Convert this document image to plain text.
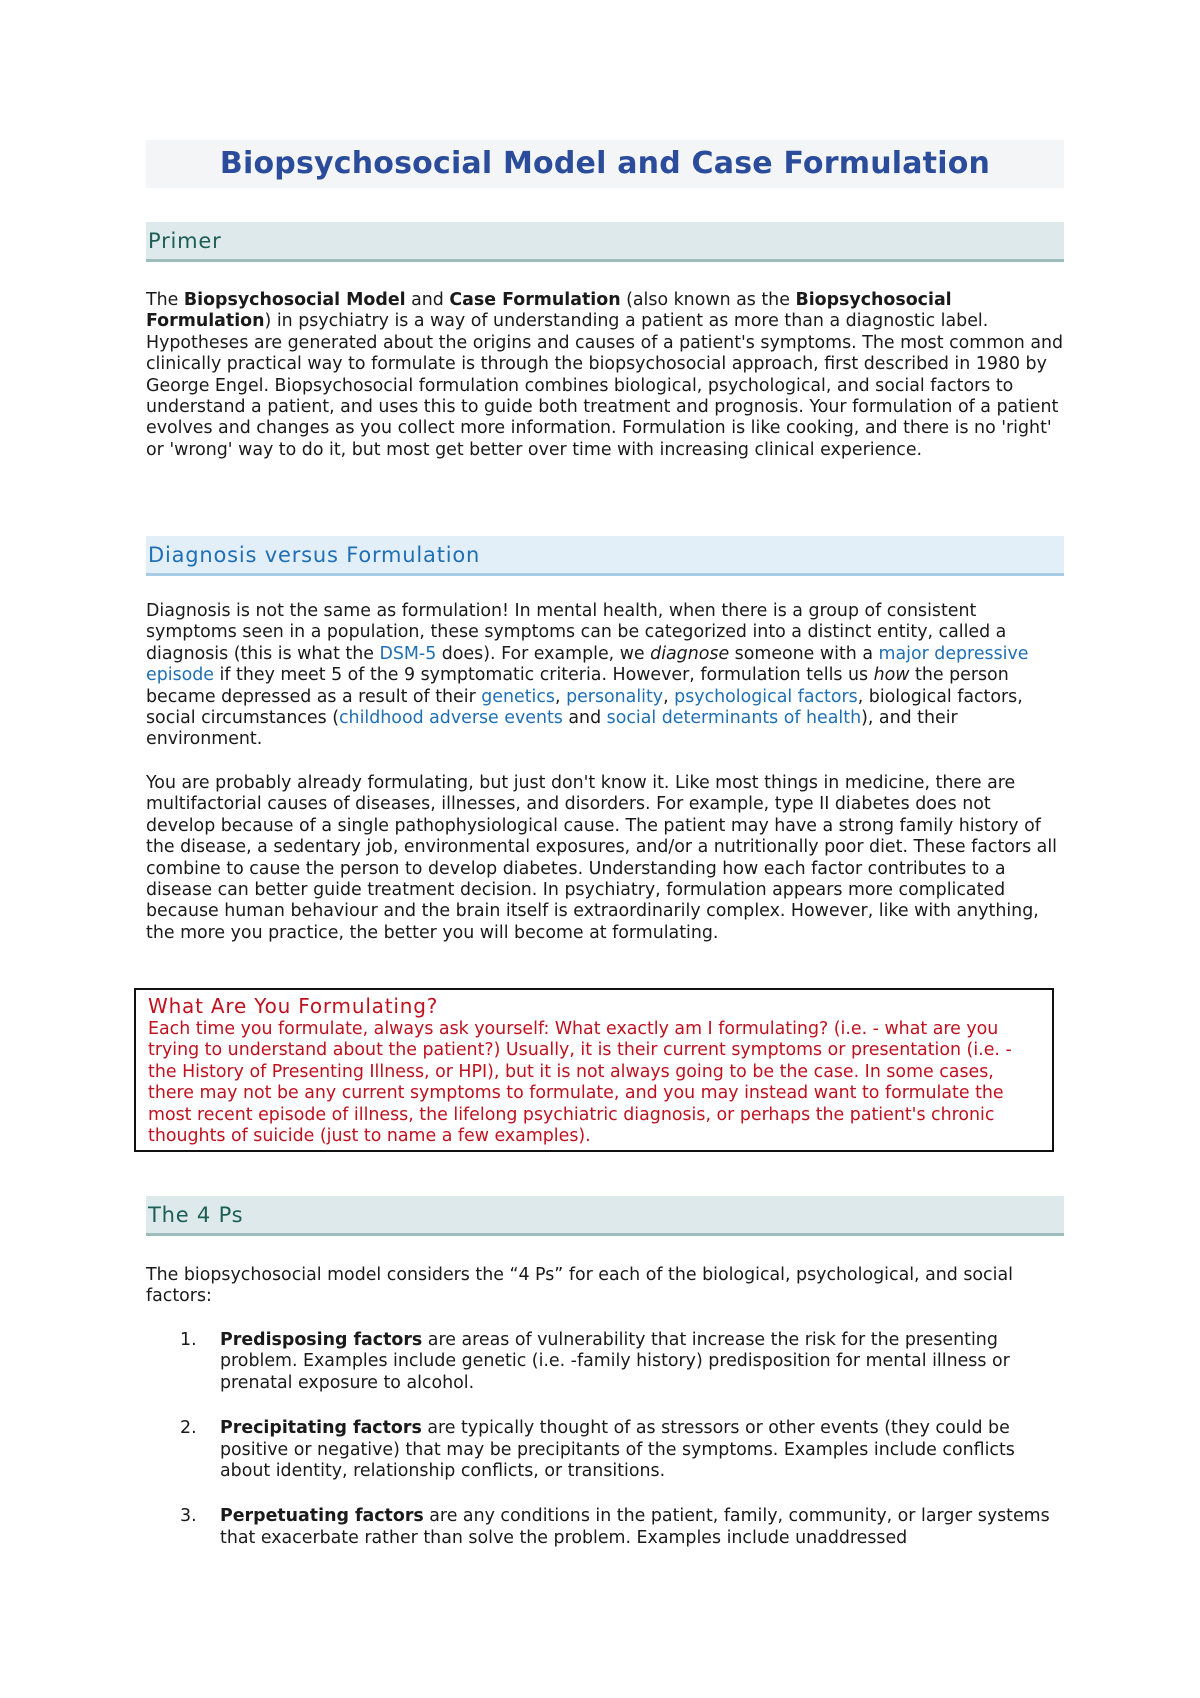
Biopsychosocial Model and Case Formulation
Primer

The Biopsychosocial Model and Case Formulation (also known as the Biopsychosocial Formulation) in psychiatry is a way of understanding a patient as more than a diagnostic label. Hypotheses are generated about the origins and causes of a patient's symptoms. The most common and clinically practical way to formulate is through the biopsychosocial approach, first described in 1980 by George Engel. Biopsychosocial formulation combines biological, psychological, and social factors to understand a patient, and uses this to guide both treatment and prognosis. Your formulation of a patient evolves and changes as you collect more information. Formulation is like cooking, and there is no 'right' or 'wrong' way to do it, but most get better over time with increasing clinical experience.

Diagnosis versus Formulation

Diagnosis is not the same as formulation! In mental health, when there is a group of consistent symptoms seen in a population, these symptoms can be categorized into a distinct entity, called a diagnosis (this is what the DSM-5 does). For example, we diagnose someone with a major depressive episode if they meet 5 of the 9 symptomatic criteria. However, formulation tells us how the person became depressed as a result of their genetics, personality, psychological factors, biological factors, social circumstances (childhood adverse events and social determinants of health), and their environment.

You are probably already formulating, but just don't know it. Like most things in medicine, there are multifactorial causes of diseases, illnesses, and disorders. For example, type II diabetes does not develop because of a single pathophysiological cause. The patient may have a strong family history of the disease, a sedentary job, environmental exposures, and/or a nutritionally poor diet. These factors all combine to cause the person to develop diabetes. Understanding how each factor contributes to a disease can better guide treatment decision. In psychiatry, formulation appears more complicated because human behaviour and the brain itself is extraordinarily complex. However, like with anything, the more you practice, the better you will become at formulating.

What Are You Formulating?

Each time you formulate, always ask yourself: What exactly am I formulating? (i.e. - what are you trying to understand about the patient?) Usually, it is their current symptoms or presentation (i.e. - the History of Presenting Illness, or HPI), but it is not always going to be the case. In some cases, there may not be any current symptoms to formulate, and you may instead want to formulate the most recent episode of illness, the lifelong psychiatric diagnosis, or perhaps the patient's chronic thoughts of suicide (just to name a few examples).

The 4 Ps

The biopsychosocial model considers the “4 Ps” for each of the biological, psychological, and social factors:

1. Predisposing factors are areas of vulnerability that increase the risk for the presenting problem. Examples include genetic (i.e. -family history) predisposition for mental illness or prenatal exposure to alcohol.
2. Precipitating factors are typically thought of as stressors or other events (they could be positive or negative) that may be precipitants of the symptoms. Examples include conflicts about identity, relationship conflicts, or transitions.
3. Perpetuating factors are any conditions in the patient, family, community, or larger systems that exacerbate rather than solve the problem. Examples include unaddressed
